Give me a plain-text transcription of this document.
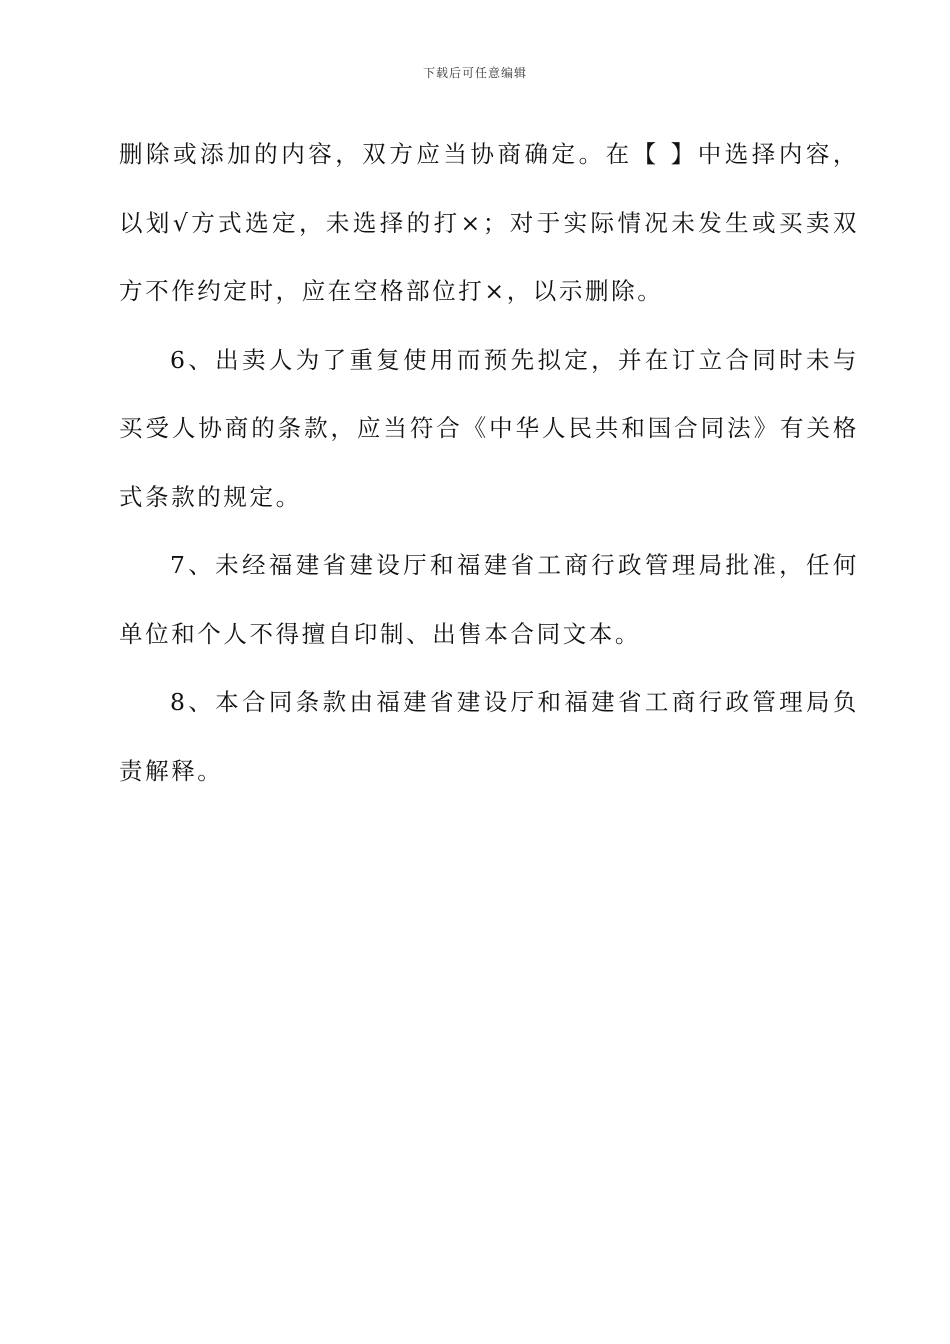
下载后可任意编辑

删除或添加的内容，双方应当协商确定。在【 】中选择内容，以划√方式选定，未选择的打×；对于实际情况未发生或买卖双方不作约定时，应在空格部位打×，以示删除。

6、出卖人为了重复使用而预先拟定，并在订立合同时未与买受人协商的条款，应当符合《中华人民共和国合同法》有关格式条款的规定。

7、未经福建省建设厅和福建省工商行政管理局批准，任何单位和个人不得擅自印制、出售本合同文本。

8、本合同条款由福建省建设厅和福建省工商行政管理局负责解释。
